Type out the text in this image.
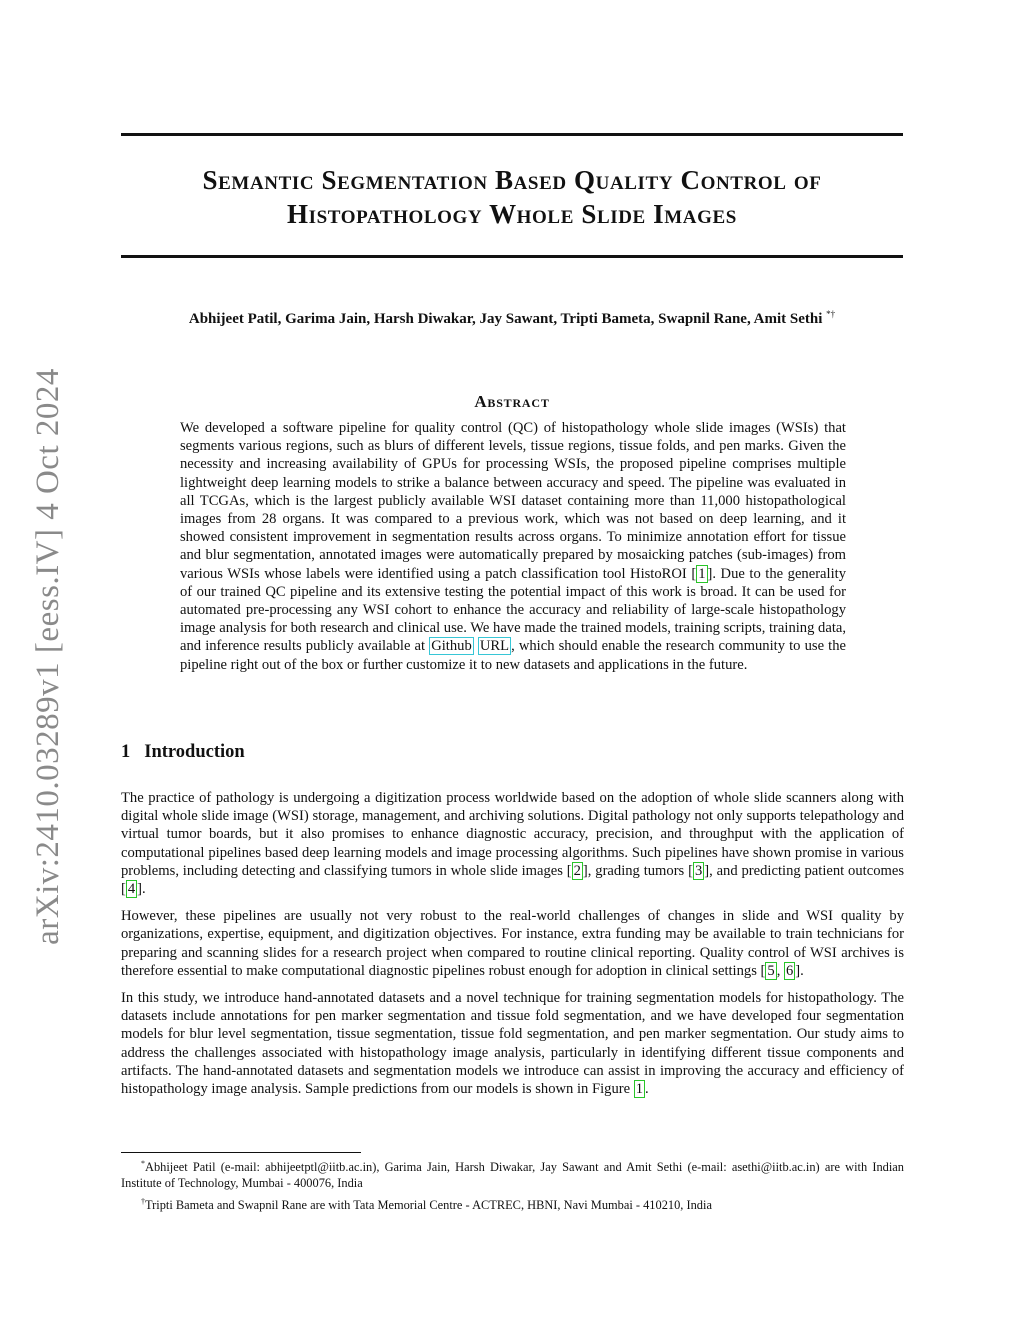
arXiv:2410.03289v1 [eess.IV] 4 Oct 2024
Semantic Segmentation Based Quality Control of
Histopathology Whole Slide Images
Abhijeet Patil, Garima Jain, Harsh Diwakar, Jay Sawant, Tripti Bameta, Swapnil Rane, Amit Sethi *†
Abstract

We developed a software pipeline for quality control (QC) of histopathology whole slide images (WSIs) that segments various regions, such as blurs of different levels, tissue regions, tissue folds, and pen marks. Given the necessity and increasing availability of GPUs for processing WSIs, the proposed pipeline comprises multiple lightweight deep learning models to strike a balance between accuracy and speed. The pipeline was evaluated in all TCGAs, which is the largest publicly available WSI dataset containing more than 11,000 histopathological images from 28 organs. It was compared to a previous work, which was not based on deep learning, and it showed consistent improvement in segmentation results across organs. To minimize annotation effort for tissue and blur segmentation, annotated images were automatically prepared by mosaicking patches (sub-images) from various WSIs whose labels were identified using a patch classification tool HistoROI [ 1 ]. Due to the generality of our trained QC pipeline and its extensive testing the potential impact of this work is broad. It can be used for automated pre-processing any WSI cohort to enhance the accuracy and reliability of large-scale histopathology image analysis for both research and clinical use. We have made the trained models, training scripts, training data, and inference results publicly available at Github URL , which should enable the research community to use the pipeline right out of the box or further customize it to new datasets and applications in the future.

1 Introduction

The practice of pathology is undergoing a digitization process worldwide based on the adoption of whole slide scanners along with digital whole slide image (WSI) storage, management, and archiving solutions. Digital pathology not only supports telepathology and virtual tumor boards, but it also promises to enhance diagnostic accuracy, precision, and throughput with the application of computational pipelines based deep learning models and image processing algorithms. Such pipelines have shown promise in various problems, including detecting and classifying tumors in whole slide images [ 2 ], grading tumors [ 3 ], and predicting patient outcomes [ 4 ].

However, these pipelines are usually not very robust to the real-world challenges of changes in slide and WSI quality by organizations, expertise, equipment, and digitization objectives. For instance, extra funding may be available to train technicians for preparing and scanning slides for a research project when compared to routine clinical reporting. Quality control of WSI archives is therefore essential to make computational diagnostic pipelines robust enough for adoption in clinical settings [ 5 , 6 ].

In this study, we introduce hand-annotated datasets and a novel technique for training segmentation models for histopathology. The datasets include annotations for pen marker segmentation and tissue fold segmentation, and we have developed four segmentation models for blur level segmentation, tissue segmentation, tissue fold segmentation, and pen marker segmentation. Our study aims to address the challenges associated with histopathology image analysis, particularly in identifying different tissue components and artifacts. The hand-annotated datasets and segmentation models we introduce can assist in improving the accuracy and efficiency of histopathology image analysis. Sample predictions from our models is shown in Figure 1 .

*Abhijeet Patil (e-mail: abhijeetptl@iitb.ac.in), Garima Jain, Harsh Diwakar, Jay Sawant and Amit Sethi (e-mail: asethi@iitb.ac.in) are with Indian Institute of Technology, Mumbai - 400076, India

†Tripti Bameta and Swapnil Rane are with Tata Memorial Centre - ACTREC, HBNI, Navi Mumbai - 410210, India
